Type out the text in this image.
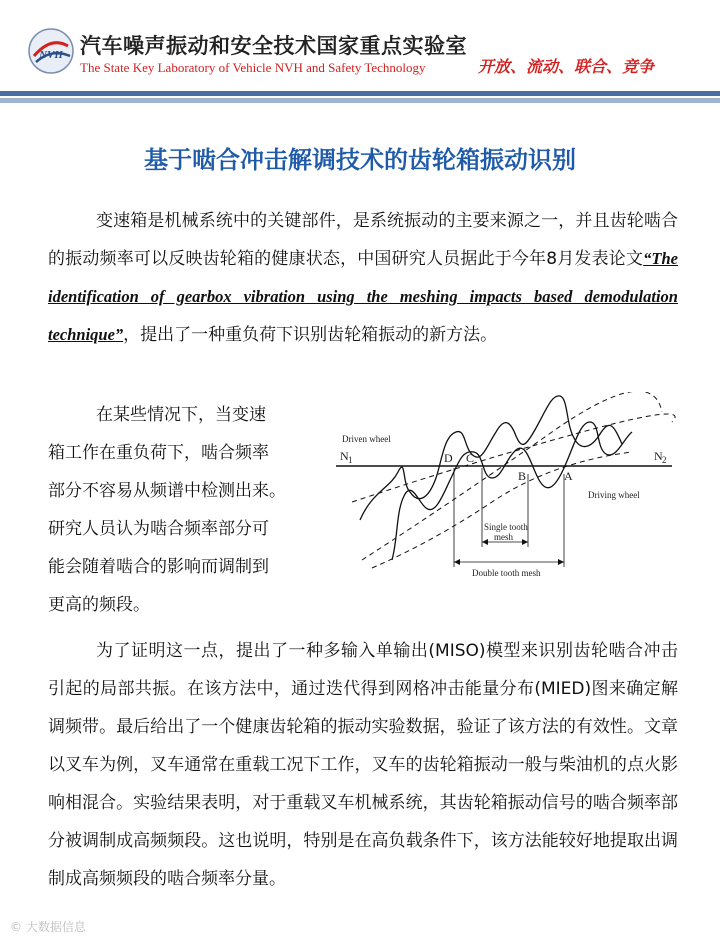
NVH 汽车噪声振动和安全技术国家重点实验室
The State Key Laboratory of Vehicle NVH and Safety Technology	开放、流动、联合、竞争
基于啮合冲击解调技术的齿轮箱振动识别

变速箱是机械系统中的关键部件，是系统振动的主要来源之一，并且齿轮啮合的振动频率可以反映齿轮箱的健康状态，中国研究人员据此于今年8月发表论文“The identification of gearbox vibration using the meshing impacts based demodulation technique”，提出了一种重负荷下识别齿轮箱振动的新方法。

在某些情况下，当变速
箱工作在重负荷下，啮合频率
部分不容易从频谱中检测出来。
研究人员认为啮合频率部分可
能会随着啮合的影响而调制到
更高的频段。
Driven wheel
Driving wheel
N 1	N 2
D C
B	A
Single tooth
mesh
Double tooth mesh

为了证明这一点，提出了一种多输入单输出(MISO)模型来识别齿轮啮合冲击引起的局部共振。在该方法中，通过迭代得到网格冲击能量分布(MIED)图来确定解调频带。最后给出了一个健康齿轮箱的振动实验数据，验证了该方法的有效性。文章以叉车为例，叉车通常在重载工况下工作，叉车的齿轮箱振动一般与柴油机的点火影响相混合。实验结果表明，对于重载叉车机械系统，其齿轮箱振动信号的啮合频率部分被调制成高频频段。这也说明，特别是在高负载条件下，该方法能较好地提取出调制成高频频段的啮合频率分量。

© 大数据信息
